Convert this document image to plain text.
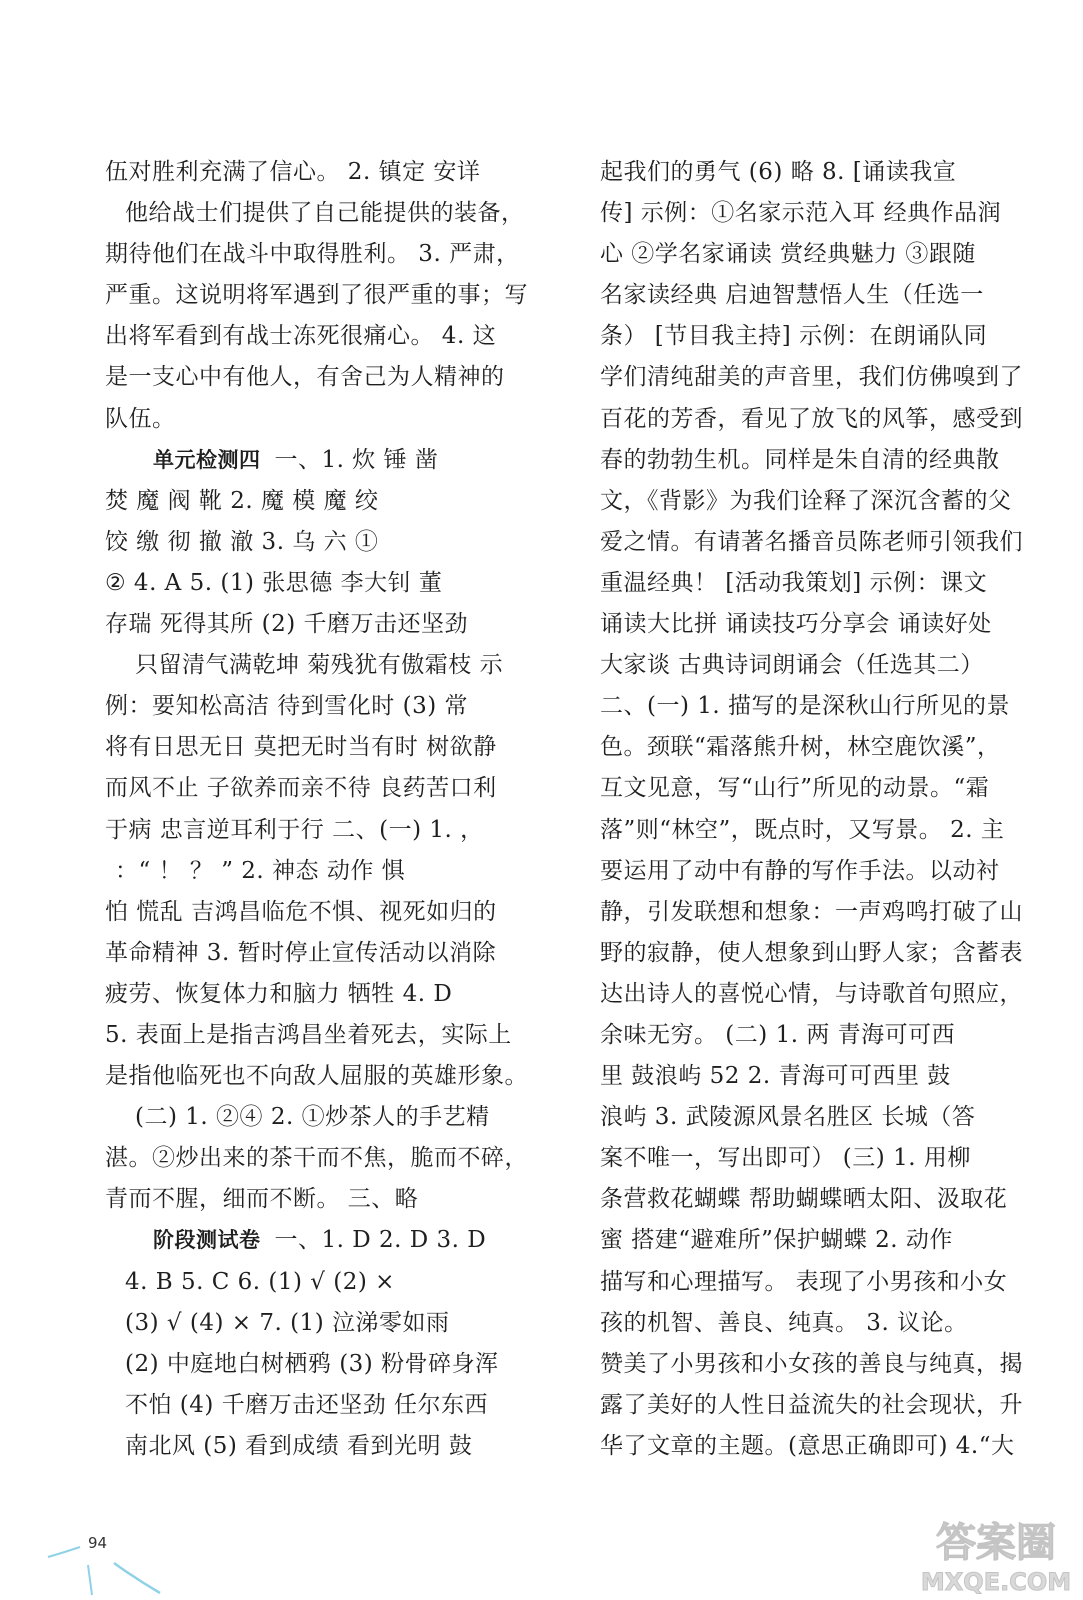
伍对胜利充满了信心。 2. 镇定 安详
他给战士们提供了自己能提供的装备，
期待他们在战斗中取得胜利。 3. 严肃，
严重。这说明将军遇到了很严重的事；写
出将军看到有战士冻死很痛心。 4. 这
是一支心中有他人，有舍己为人精神的
队伍。
单元检测四 一、1. 炊 锤 凿
焚 魔 阀 靴 2. 魔 模 魔 绞
饺 缴 彻 撤 澈 3. 乌 六 ①
② 4. A 5. (1) 张思德 李大钊 董
存瑞 死得其所 (2) 千磨万击还坚劲
只留清气满乾坤 菊残犹有傲霜枝 示
例：要知松高洁 待到雪化时 (3) 常
将有日思无日 莫把无时当有时 树欲静
而风不止 子欲养而亲不待 良药苦口利
于病 忠言逆耳利于行 二、(一) 1. ，
：“ ！ ？ ” 2. 神态 动作 惧
怕 慌乱 吉鸿昌临危不惧、视死如归的
革命精神 3. 暂时停止宣传活动以消除
疲劳、恢复体力和脑力 牺牲 4. D
5. 表面上是指吉鸿昌坐着死去，实际上
是指他临死也不向敌人屈服的英雄形象。
(二) 1. ②④ 2. ①炒茶人的手艺精
湛。②炒出来的茶干而不焦，脆而不碎，
青而不腥，细而不断。 三、略
阶段测试卷 一、1. D 2. D 3. D
4. B 5. C 6. (1) √ (2) ×
(3) √ (4) × 7. (1) 泣涕零如雨
(2) 中庭地白树栖鸦 (3) 粉骨碎身浑
不怕 (4) 千磨万击还坚劲 任尔东西
南北风 (5) 看到成绩 看到光明 鼓
起我们的勇气 (6) 略 8. [诵读我宣
传] 示例：①名家示范入耳 经典作品润
心 ②学名家诵读 赏经典魅力 ③跟随
名家读经典 启迪智慧悟人生（任选一
条） [节目我主持] 示例：在朗诵队同
学们清纯甜美的声音里，我们仿佛嗅到了
百花的芳香，看见了放飞的风筝，感受到
春的勃勃生机。同样是朱自清的经典散
文，《背影》为我们诠释了深沉含蓄的父
爱之情。有请著名播音员陈老师引领我们
重温经典！ [活动我策划] 示例：课文
诵读大比拼 诵读技巧分享会 诵读好处
大家谈 古典诗词朗诵会（任选其二）
二、(一) 1. 描写的是深秋山行所见的景
色。颈联“霜落熊升树，林空鹿饮溪”，
互文见意，写“山行”所见的动景。“霜
落”则“林空”，既点时，又写景。 2. 主
要运用了动中有静的写作手法。以动衬
静，引发联想和想象：一声鸡鸣打破了山
野的寂静，使人想象到山野人家；含蓄表
达出诗人的喜悦心情，与诗歌首句照应，
余味无穷。 (二) 1. 两 青海可可西
里 鼓浪屿 52 2. 青海可可西里 鼓
浪屿 3. 武陵源风景名胜区 长城（答
案不唯一，写出即可） (三) 1. 用柳
条营救花蝴蝶 帮助蝴蝶晒太阳、汲取花
蜜 搭建“避难所”保护蝴蝶 2. 动作
描写和心理描写。 表现了小男孩和小女
孩的机智、善良、纯真。 3. 议论。
赞美了小男孩和小女孩的善良与纯真，揭
露了美好的人性日益流失的社会现状，升
华了文章的主题。(意思正确即可) 4.“大
94	答案圈
MXQE.COM
